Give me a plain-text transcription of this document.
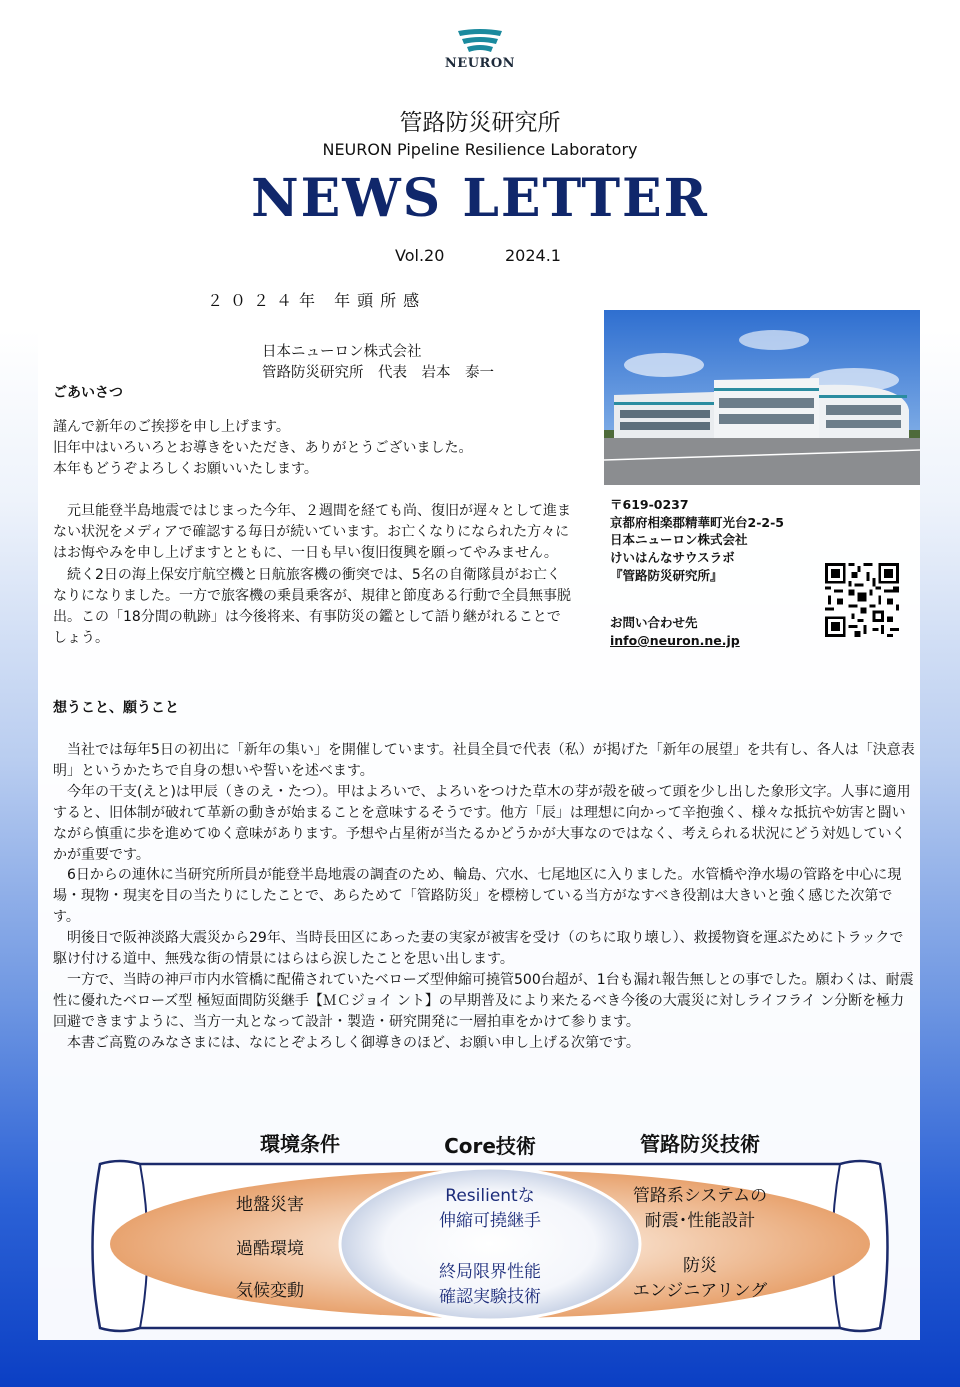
NEURON
管路防災研究所
NEURON Pipeline Resilience Laboratory
NEWS LETTER
Vol.20	2024.1
２０２４年 年頭所感
日本ニューロン株式会社
管路防災研究所　代表　岩本　泰一
ごあいさつ

謹んで新年のご挨拶を申し上げます。

旧年中はいろいろとお導きをいただき、ありがとうございました。

本年もどうぞよろしくお願いいたします。

元旦能登半島地震ではじまった今年、２週間を経ても尚、復旧が遅々として進まない状況をメディアで確認する毎日が続いています。お亡くなりになられた方々にはお悔やみを申し上げますとともに、一日も早い復旧復興を願ってやみません。

続く2日の海上保安庁航空機と日航旅客機の衝突では、5名の自衛隊員がお亡くなりになりました。一方で旅客機の乗員乗客が、規律と節度ある行動で全員無事脱出。この「18分間の軌跡」は今後将来、有事防災の鑑として語り継がれることでしょう。

〒619-0237
京都府相楽郡精華町光台2-2-5
日本ニューロン株式会社
けいはんなサウスラボ
『管路防災研究所』
お問い合わせ先
info@neuron.ne.jp
想うこと、願うこと

当社では毎年5日の初出に「新年の集い」を開催しています。社員全員で代表（私）が掲げた「新年の展望」を共有し、各人は「決意表明」というかたちで自身の想いや誓いを述べます。

今年の干支(えと)は甲辰（きのえ・たつ）。甲はよろいで、よろいをつけた草木の芽が殻を破って頭を少し出した象形文字。人事に適用すると、旧体制が破れて革新の動きが始まることを意味するそうです。他方「辰」は理想に向かって辛抱強く、様々な抵抗や妨害と闘いながら慎重に歩を進めてゆく意味があります。予想や占星術が当たるかどうかが大事なのではなく、考えられる状況にどう対処していく かが重要です。

6日からの連休に当研究所所員が能登半島地震の調査のため、輪島、穴水、七尾地区に入りました。水管橋や浄水場の管路を中心に現場・現物・現実を目の当たりにしたことで、あらためて「管路防災」を標榜している当方がなすべき役割は大きいと強く感じた次第です。

明後日で阪神淡路大震災から29年、当時長田区にあった妻の実家が被害を受け（のちに取り壊し）、救援物資を運ぶためにトラックで駆け付ける道中、無残な街の情景にはらはら涙したことを思い出します。

一方で、当時の神戸市内水管橋に配備されていたベローズ型伸縮可撓管500台超が、1台も漏れ報告無しとの事でした。願わくは、耐震性に優れたベローズ型 極短面間防災継手【ＭＣジョイ ント】の早期普及により来たるべき今後の大震災に対しライフライ ン分断を極力回避できますように、当方一丸となって設計・製造・研究開発に一層拍車をかけて参ります。

本書ご高覧のみなさまには、なにとぞよろしく御導きのほど、お願い申し上げる次第です。

環境条件	Core技術	管路防災技術
地盤災害
過酷環境
気候変動
Resilientな
伸縮可撓継手
終局限界性能
確認実験技術
管路系システムの
耐震･性能設計
防災
エンジニアリング
